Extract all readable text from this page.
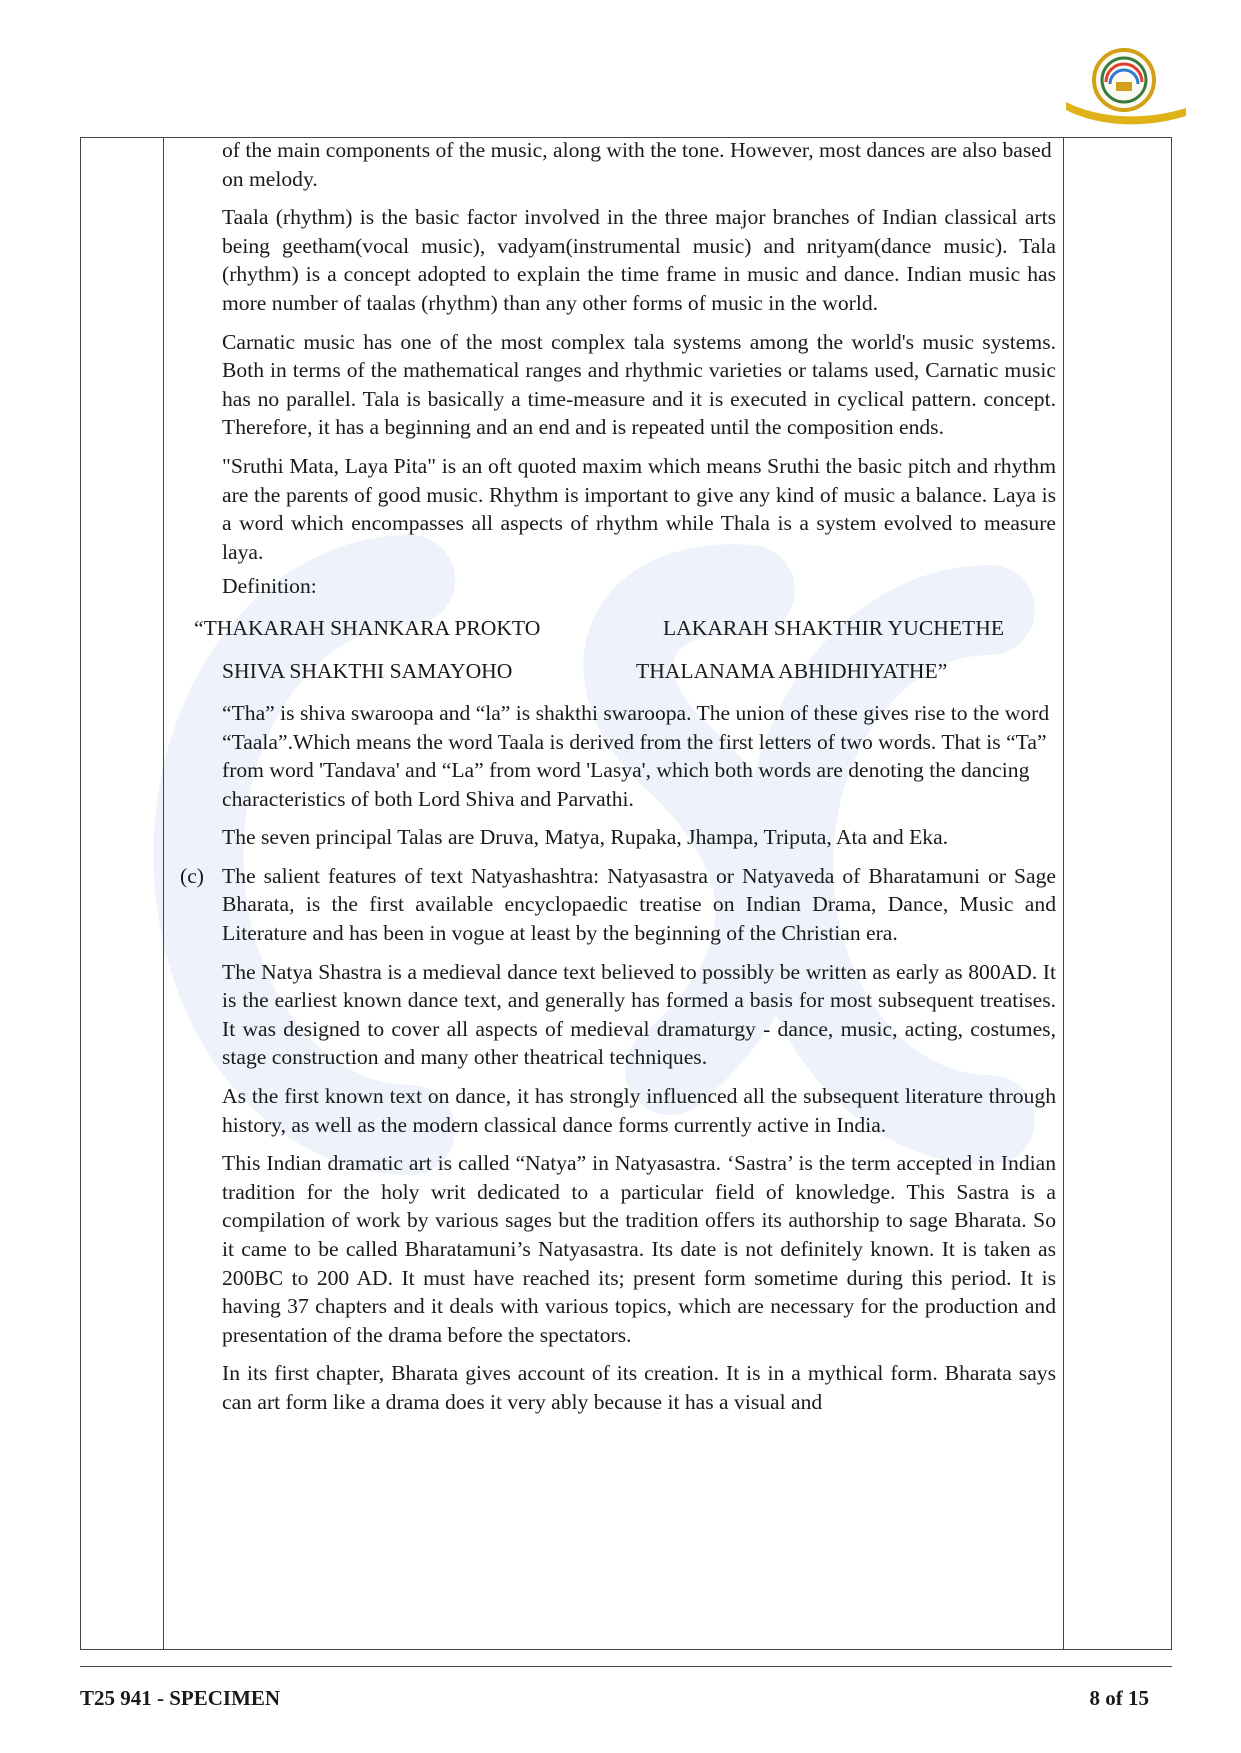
of the main components of the music, along with the tone. However, most dances are also based on melody.

Taala (rhythm) is the basic factor involved in the three major branches of Indian classical arts being geetham(vocal music), vadyam(instrumental music) and nrityam(dance music). Tala (rhythm) is a concept adopted to explain the time frame in music and dance. Indian music has more number of taalas (rhythm) than any other forms of music in the world.

Carnatic music has one of the most complex tala systems among the world's music systems. Both in terms of the mathematical ranges and rhythmic varieties or talams used, Carnatic music has no parallel. Tala is basically a time-measure and it is executed in cyclical pattern. concept. Therefore, it has a beginning and an end and is repeated until the composition ends.

"Sruthi Mata, Laya Pita" is an oft quoted maxim which means Sruthi the basic pitch and rhythm are the parents of good music. Rhythm is important to give any kind of music a balance. Laya is a word which encompasses all aspects of rhythm while Thala is a system evolved to measure laya.

Definition:

“THAKARAH SHANKARA PROKTO	LAKARAH SHAKTHIR YUCHETHE
SHIVA SHAKTHI SAMAYOHO	THALANAMA ABHIDHIYATHE”

“Tha” is shiva swaroopa and “la” is shakthi swaroopa. The union of these gives rise to the word “Taala”.Which means the word Taala is derived from the first letters of two words. That is “Ta” from word 'Tandava' and “La” from word 'Lasya', which both words are denoting the dancing characteristics of both Lord Shiva and Parvathi.

The seven principal Talas are Druva, Matya, Rupaka, Jhampa, Triputa, Ata and Eka.

(c) The salient features of text Natyashashtra: Natyasastra or Natyaveda of Bharatamuni or Sage Bharata, is the first available encyclopaedic treatise on Indian Drama, Dance, Music and Literature and has been in vogue at least by the beginning of the Christian era.

The Natya Shastra is a medieval dance text believed to possibly be written as early as 800AD. It is the earliest known dance text, and generally has formed a basis for most subsequent treatises. It was designed to cover all aspects of medieval dramaturgy - dance, music, acting, costumes, stage construction and many other theatrical techniques.

As the first known text on dance, it has strongly influenced all the subsequent literature through history, as well as the modern classical dance forms currently active in India.

This Indian dramatic art is called “Natya” in Natyasastra. ‘Sastra’ is the term accepted in Indian tradition for the holy writ dedicated to a particular field of knowledge. This Sastra is a compilation of work by various sages but the tradition offers its authorship to sage Bharata. So it came to be called Bharatamuni’s Natyasastra. Its date is not definitely known. It is taken as 200BC to 200 AD. It must have reached its; present form sometime during this period. It is having 37 chapters and it deals with various topics, which are necessary for the production and presentation of the drama before the spectators.

In its first chapter, Bharata gives account of its creation. It is in a mythical form. Bharata says can art form like a drama does it very ably because it has a visual and

T25 941 - SPECIMEN	8 of 15
